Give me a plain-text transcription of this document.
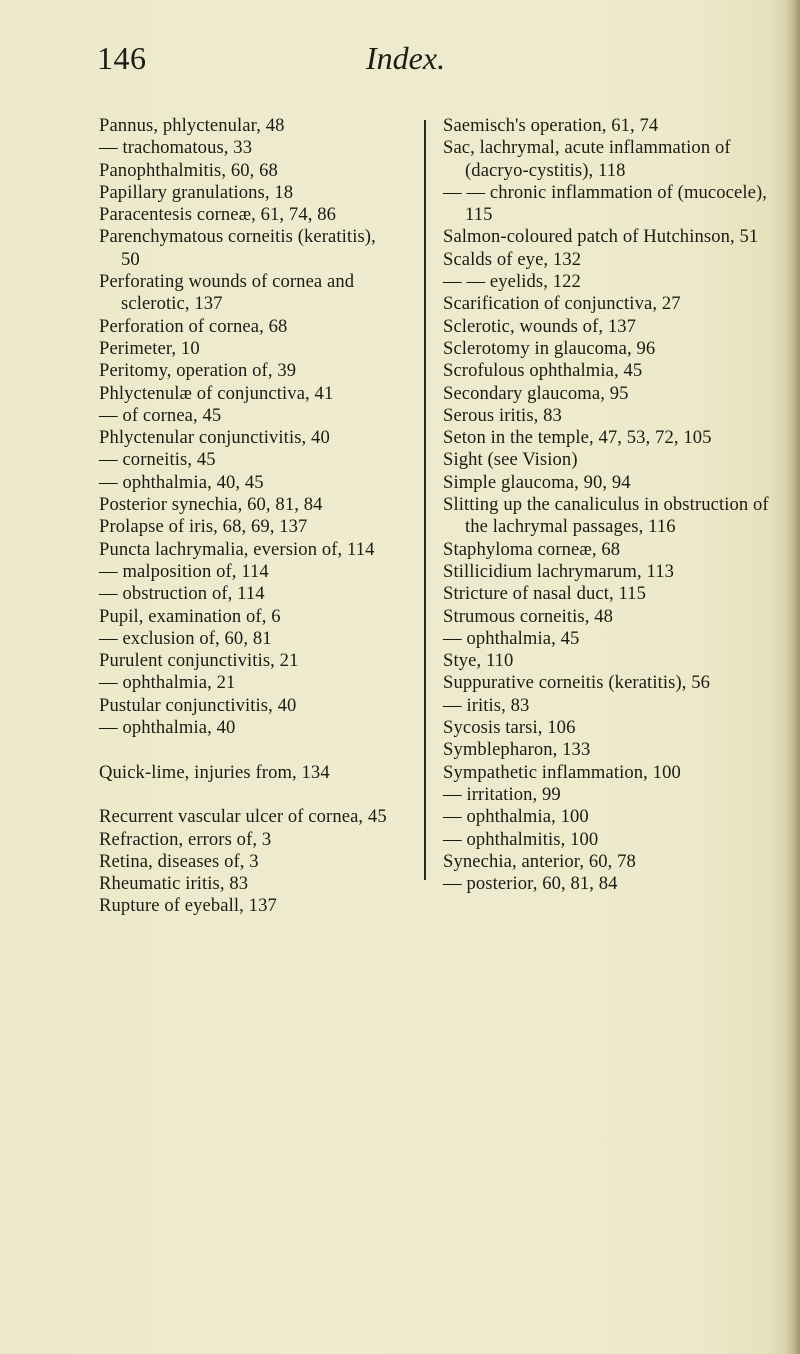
146	Index.

Pannus, phlyctenular, 48

— trachomatous, 33

Panophthalmitis, 60, 68

Papillary granulations, 18

Paracentesis corneæ, 61, 74, 86

Parenchymatous corneitis (keratitis), 50

Perforating wounds of cornea and sclerotic, 137

Perforation of cornea, 68

Perimeter, 10

Peritomy, operation of, 39

Phlyctenulæ of conjunctiva, 41

— of cornea, 45

Phlyctenular conjunctivitis, 40

— corneitis, 45

— ophthalmia, 40, 45

Posterior synechia, 60, 81, 84

Prolapse of iris, 68, 69, 137

Puncta lachrymalia, eversion of, 114

— malposition of, 114

— obstruction of, 114

Pupil, examination of, 6

— exclusion of, 60, 81

Purulent conjunctivitis, 21

— ophthalmia, 21

Pustular conjunctivitis, 40

— ophthalmia, 40

Quick-lime, injuries from, 134

Recurrent vascular ulcer of cornea, 45

Refraction, errors of, 3

Retina, diseases of, 3

Rheumatic iritis, 83

Rupture of eyeball, 137

Saemisch's operation, 61, 74

Sac, lachrymal, acute inflammation of (dacryo-cystitis), 118

— — chronic inflammation of (mucocele), 115

Salmon-coloured patch of Hutchinson, 51

Scalds of eye, 132

— — eyelids, 122

Scarification of conjunctiva, 27

Sclerotic, wounds of, 137

Sclerotomy in glaucoma, 96

Scrofulous ophthalmia, 45

Secondary glaucoma, 95

Serous iritis, 83

Seton in the temple, 47, 53, 72, 105

Sight (see Vision)

Simple glaucoma, 90, 94

Slitting up the canaliculus in obstruction of the lachrymal passages, 116

Staphyloma corneæ, 68

Stillicidium lachrymarum, 113

Stricture of nasal duct, 115

Strumous corneitis, 48

— ophthalmia, 45

Stye, 110

Suppurative corneitis (keratitis), 56

— iritis, 83

Sycosis tarsi, 106

Symblepharon, 133

Sympathetic inflammation, 100

— irritation, 99

— ophthalmia, 100

— ophthalmitis, 100

Synechia, anterior, 60, 78

— posterior, 60, 81, 84
